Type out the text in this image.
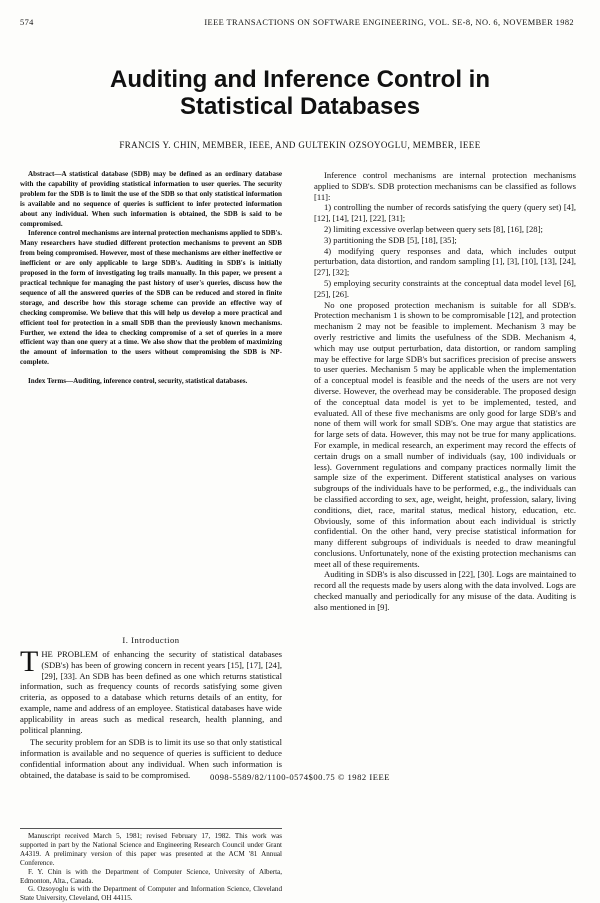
574	IEEE TRANSACTIONS ON SOFTWARE ENGINEERING, VOL. SE-8, NO. 6, NOVEMBER 1982
Auditing and Inference Control in Statistical Databases
FRANCIS Y. CHIN, MEMBER, IEEE, AND GULTEKIN OZSOYOGLU, MEMBER, IEEE

Abstract—A statistical database (SDB) may be defined as an ordinary database with the capability of providing statistical information to user queries. The security problem for the SDB is to limit the use of the SDB so that only statistical information is available and no sequence of queries is sufficient to infer protected information about any individual. When such information is obtained, the SDB is said to be compromised.

Inference control mechanisms are internal protection mechanisms applied to SDB's. Many researchers have studied different protection mechanisms to prevent an SDB from being compromised. However, most of these mechanisms are either ineffective or inefficient or are only applicable to large SDB's. Auditing in SDB's is initially proposed in the form of investigating log trails manually. In this paper, we present a practical technique for managing the past history of user's queries, discuss how the sequence of all the answered queries of the SDB can be reduced and stored in finite storage, and describe how this storage scheme can provide an effective way of checking compromise. We believe that this will help us develop a more practical and efficient tool for protection in a small SDB than the previously known mechanisms. Further, we extend the idea to checking compromise of a set of queries in a more efficient way than one query at a time. We also show that the problem of maximizing the amount of information to the users without compromising the SDB is NP-complete.

Index Terms—Auditing, inference control, security, statistical databases.

I. Introduction

THE PROBLEM of enhancing the security of statistical databases (SDB's) has been of growing concern in recent years [15], [17], [24], [29], [33]. An SDB has been defined as one which returns statistical information, such as frequency counts of records satisfying some given criteria, as opposed to a database which returns details of an entity, for example, name and address of an employee. Statistical databases have wide applicability in areas such as medical research, health planning, and political planning.

The security problem for an SDB is to limit its use so that only statistical information is available and no sequence of queries is sufficient to deduce confidential information about any individual. When such information is obtained, the database is said to be compromised.

Manuscript received March 5, 1981; revised February 17, 1982. This work was supported in part by the National Science and Engineering Research Council under Grant A4319. A preliminary version of this paper was presented at the ACM '81 Annual Conference.

F. Y. Chin is with the Department of Computer Science, University of Alberta, Edmonton, Alta., Canada.

G. Ozsoyoglu is with the Department of Computer and Information Science, Cleveland State University, Cleveland, OH 44115.

Inference control mechanisms are internal protection mechanisms applied to SDB's. SDB protection mechanisms can be classified as follows [11]:

1) controlling the number of records satisfying the query (query set) [4], [12], [14], [21], [22], [31];

2) limiting excessive overlap between query sets [8], [16], [28];

3) partitioning the SDB [5], [18], [35];

4) modifying query responses and data, which includes output perturbation, data distortion, and random sampling [1], [3], [10], [13], [24], [27], [32];

5) employing security constraints at the conceptual data model level [6], [25], [26].

No one proposed protection mechanism is suitable for all SDB's. Protection mechanism 1 is shown to be compromisable [12], and protection mechanism 2 may not be feasible to implement. Mechanism 3 may be overly restrictive and limits the usefulness of the SDB. Mechanism 4, which may use output perturbation, data distortion, or random sampling may be effective for large SDB's but sacrifices precision of precise answers to user queries. Mechanism 5 may be applicable when the implementation of a conceptual model is feasible and the needs of the users are not very diverse. However, the overhead may be considerable. The proposed design of the conceptual data model is yet to be implemented, tested, and evaluated. All of these five mechanisms are only good for large SDB's and none of them will work for small SDB's. One may argue that statistics are for large sets of data. However, this may not be true for many applications. For example, in medical research, an experiment may record the effects of certain drugs on a small number of individuals (say, 100 individuals or less). Government regulations and company practices normally limit the sample size of the experiment. Different statistical analyses on various subgroups of the individuals have to be performed, e.g., the individuals can be classified according to sex, age, weight, height, profession, salary, living conditions, diet, race, marital status, medical history, education, etc. Obviously, some of this information about each individual is strictly confidential. On the other hand, very precise statistical information for many different subgroups of individuals is needed to draw meaningful conclusions. Unfortunately, none of the existing protection mechanisms can meet all of these requirements.

Auditing in SDB's is also discussed in [22], [30]. Logs are maintained to record all the requests made by users along with the data involved. Logs are checked manually and periodically for any misuse of the data. Auditing is also mentioned in [9].

0098-5589/82/1100-0574$00.75 © 1982 IEEE
